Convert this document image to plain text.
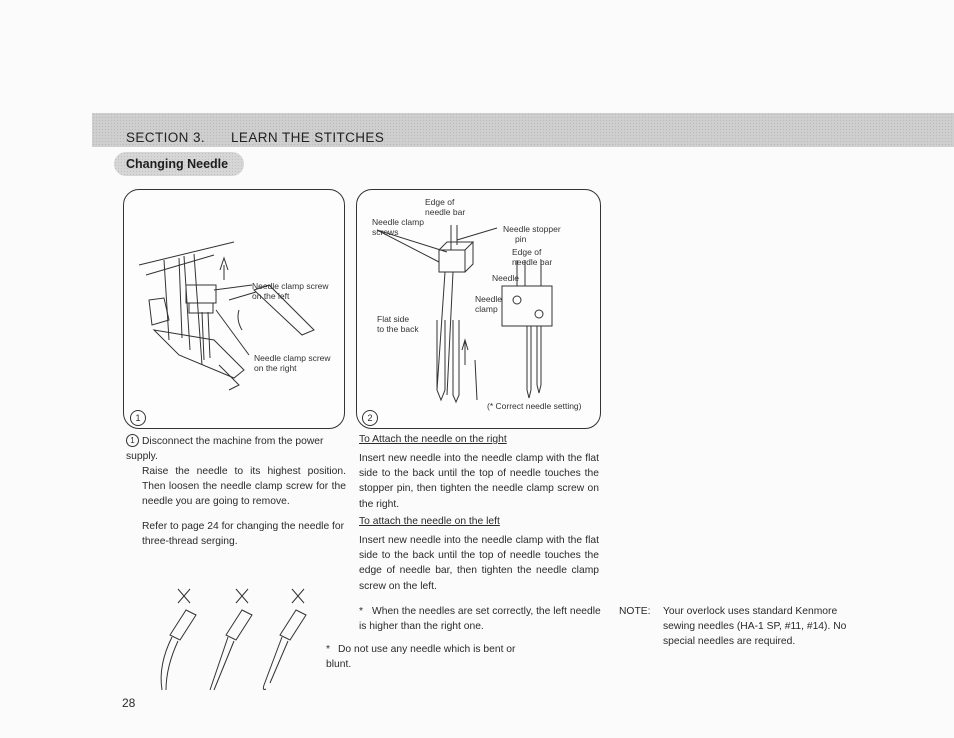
SECTION 3. LEARN THE STITCHES
Changing Needle
Needle clamp screw
on the left
Needle clamp screw
on the right
1
Edge of
needle bar
Needle clamp
screws	Needle stopper
pin
Edge of
needle bar
Needle
Needle
clamp
Flat side
to the back
(* Correct needle setting)
2
1 Disconnect the machine from the power supply.
Raise the needle to its highest position. Then loosen the needle clamp screw for the needle you are going to remove.
Refer to page 24 for changing the needle for three-thread serging.
To Attach the needle on the right
Insert new needle into the needle clamp with the flat side to the back until the top of needle touches the stopper pin, then tighten the needle clamp screw on the right.
To attach the needle on the left
Insert new needle into the needle clamp with the flat side to the back until the top of needle touches the edge of needle bar, then tighten the needle clamp screw on the left.
* When the needles are set correctly, the left needle is higher than the right one.
* Do not use any needle which is bent or blunt.
NOTE: Your overlock uses standard Kenmore sewing needles (HA-1 SP, #11, #14). No special needles are required.
28
